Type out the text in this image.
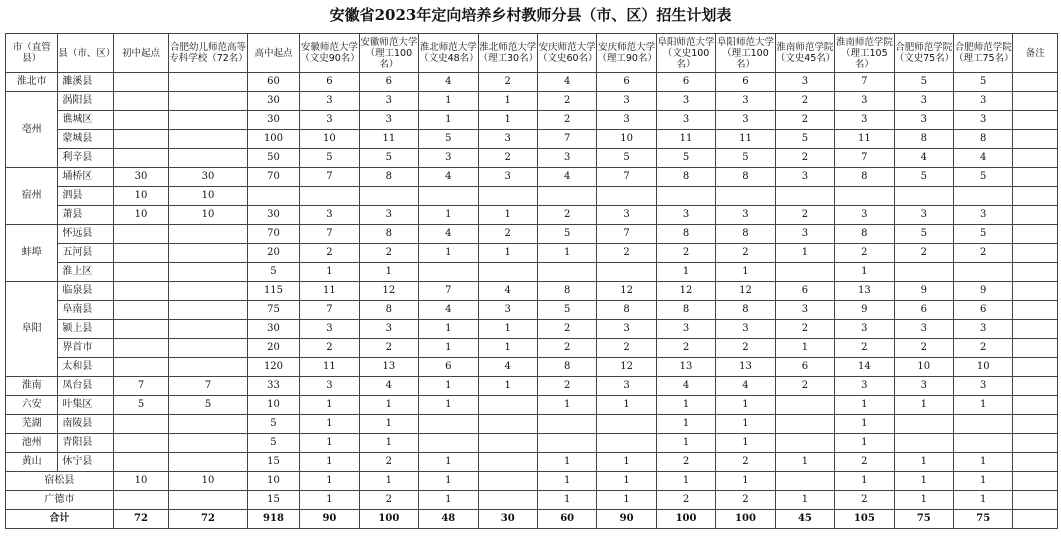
安徽省2023年定向培养乡村教师分县（市、区）招生计划表
市（直管县）	县（市、区）	初中起点	合肥幼儿师范高等专科学校（72名）	高中起点	安徽师范大学（文史90名）	安徽师范大学（理工100名）	淮北师范大学（文史48名）	淮北师范大学（理工30名）	安庆师范大学（文史60名）	安庆师范大学（理工90名）	阜阳师范大学（文史100名）	阜阳师范大学（理工100名）	淮南师范学院（文史45名）	淮南师范学院（理工105名）	合肥师范学院（文史75名）	合肥师范学院（理工75名）	备注
淮北市	濉溪县			60	6	6	4	2	4	6	6	6	3	7	5	5	
亳州	涡阳县			30	3	3	1	1	2	3	3	3	2	3	3	3	
	谯城区			30	3	3	1	1	2	3	3	3	2	3	3	3	
	蒙城县			100	10	11	5	3	7	10	11	11	5	11	8	8	
	利辛县			50	5	5	3	2	3	5	5	5	2	7	4	4	
宿州	埇桥区	30	30	70	7	8	4	3	4	7	8	8	3	8	5	5	
	泗县	10	10														
	萧县	10	10	30	3	3	1	1	2	3	3	3	2	3	3	3	
蚌埠	怀远县			70	7	8	4	2	5	7	8	8	3	8	5	5	
	五河县			20	2	2	1	1	1	2	2	2	1	2	2	2	
	淮上区			5	1	1					1	1		1			
阜阳	临泉县			115	11	12	7	4	8	12	12	12	6	13	9	9	
	阜南县			75	7	8	4	3	5	8	8	8	3	9	6	6	
	颍上县			30	3	3	1	1	2	3	3	3	2	3	3	3	
	界首市			20	2	2	1	1	2	2	2	2	1	2	2	2	
	太和县			120	11	13	6	4	8	12	13	13	6	14	10	10	
淮南	凤台县	7	7	33	3	4	1	1	2	3	4	4	2	3	3	3	
六安	叶集区	5	5	10	1	1	1		1	1	1	1		1	1	1	
芜湖	南陵县			5	1	1					1	1		1			
池州	青阳县			5	1	1					1	1		1			
黄山	休宁县			15	1	2	1		1	1	2	2	1	2	1	1	
宿松县		10	10	10	1	1	1		1	1	1	1		1	1	1	
广德市				15	1	2	1		1	1	2	2	1	2	1	1	
合计		72	72	918	90	100	48	30	60	90	100	100	45	105	75	75	
